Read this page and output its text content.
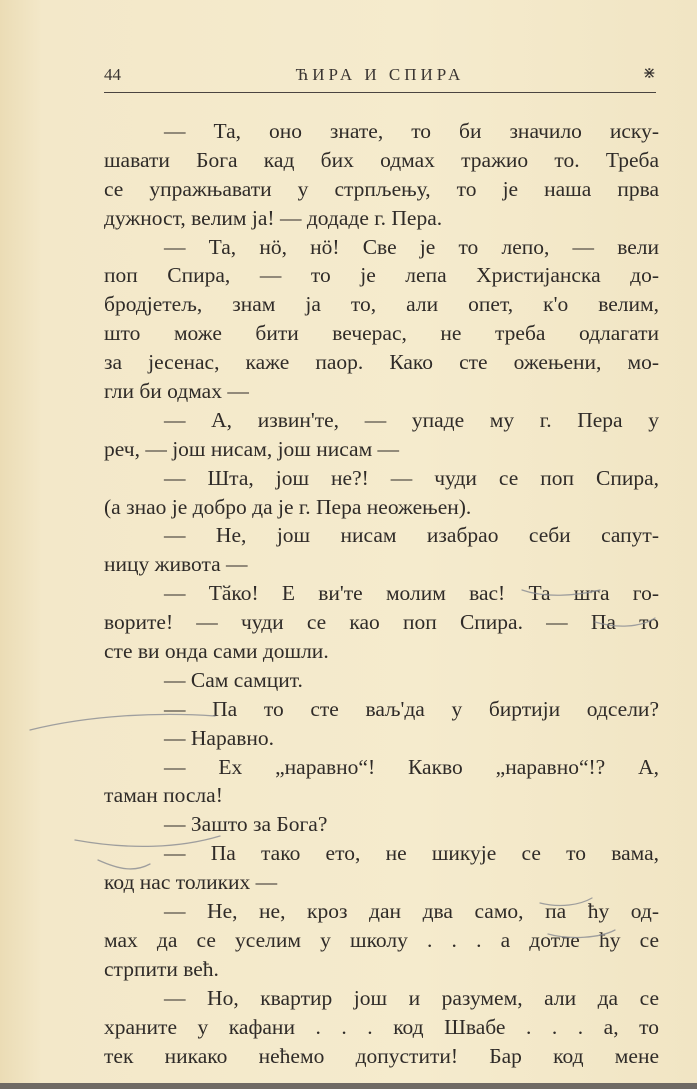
44	ЋИРА И СПИРА	⋇
— Та, оно знате, то би значило иску-
шавати Бога кад бих одмах тражио то. Треба
се упражњавати у стрпљењу, то је наша прва
дужност, велим ја! — додаде г. Пера.
— Та, нӧ, нӧ! Све је то лепо, — вели
поп Спира, — то је лепа Христијанска до-
бродјетељ, знам ја то, али опет, к'о велим,
што може бити вечерас, не треба одлагати
за јесенас, каже паор. Како сте ожењени, мо-
гли би одмах —
— А, извин'те, — упаде му г. Пера у
реч, — још нисам, још нисам —
— Шта, још не?! — чуди се поп Спира,
(а знао је добро да је г. Пера неожењен).
— Не, још нисам изабрао себи сапут-
ницу живота —
— Тӑко! Е ви'те молим вас! Та шта го-
ворите! — чуди се као поп Спира. — Па то
сте ви онда сами дошли.
— Сам самцит.
— Па то сте ваљ'да у биртији одсели?
— Наравно.
— Ех „наравно“! Какво „наравно“!? А,
таман посла!
— Зашто за Бога?
— Па тако ето, не шикује се то вама,
код нас толиких —
— Не, не, кроз дан два само, па ћу од-
мах да се уселим у школу . . . а дотле ћу се
стрпити већ.
— Но, квартир још и разумем, али да се
храните у кафани . . . код Швабе . . . а, то
тек никако нећемо допустити! Бар код мене
